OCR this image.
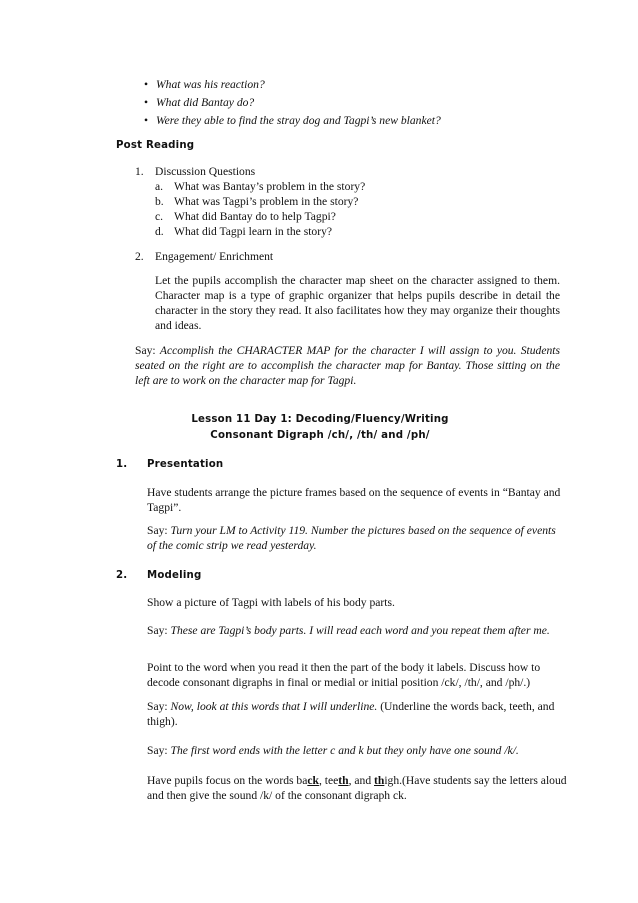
• What was his reaction?
• What did Bantay do?
• Were they able to find the stray dog and Tagpi’s new blanket?
Post Reading
1. Discussion Questions
a. What was Bantay’s problem in the story?
b. What was Tagpi’s problem in the story?
c. What did Bantay do to help Tagpi?
d. What did Tagpi learn in the story?
2. Engagement/ Enrichment
Let the pupils accomplish the character map sheet on the character assigned to them. Character map is a type of graphic organizer that helps pupils describe in detail the character in the story they read. It also facilitates how they may organize their thoughts and ideas.
Say: Accomplish the CHARACTER MAP for the character I will assign to you. Students seated on the right are to accomplish the character map for Bantay. Those sitting on the left are to work on the character map for Tagpi.
Lesson 11 Day 1: Decoding/Fluency/Writing
Consonant Digraph /ch/, /th/ and /ph/
1. Presentation
Have students arrange the picture frames based on the sequence of events in “Bantay and Tagpi”.
Say: Turn your LM to Activity 119. Number the pictures based on the sequence of events of the comic strip we read yesterday.
2. Modeling
Show a picture of Tagpi with labels of his body parts.
Say: These are Tagpi’s body parts. I will read each word and you repeat them after me.
Point to the word when you read it then the part of the body it labels. Discuss how to decode consonant digraphs in final or medial or initial position /ck/, /th/, and /ph/.)
Say: Now, look at this words that I will underline. (Underline the words back, teeth, and thigh).
Say: The first word ends with the letter c and k but they only have one sound /k/.
Have pupils focus on the words back, teeth, and thigh.(Have students say the letters aloud and then give the sound /k/ of the consonant digraph ck.
